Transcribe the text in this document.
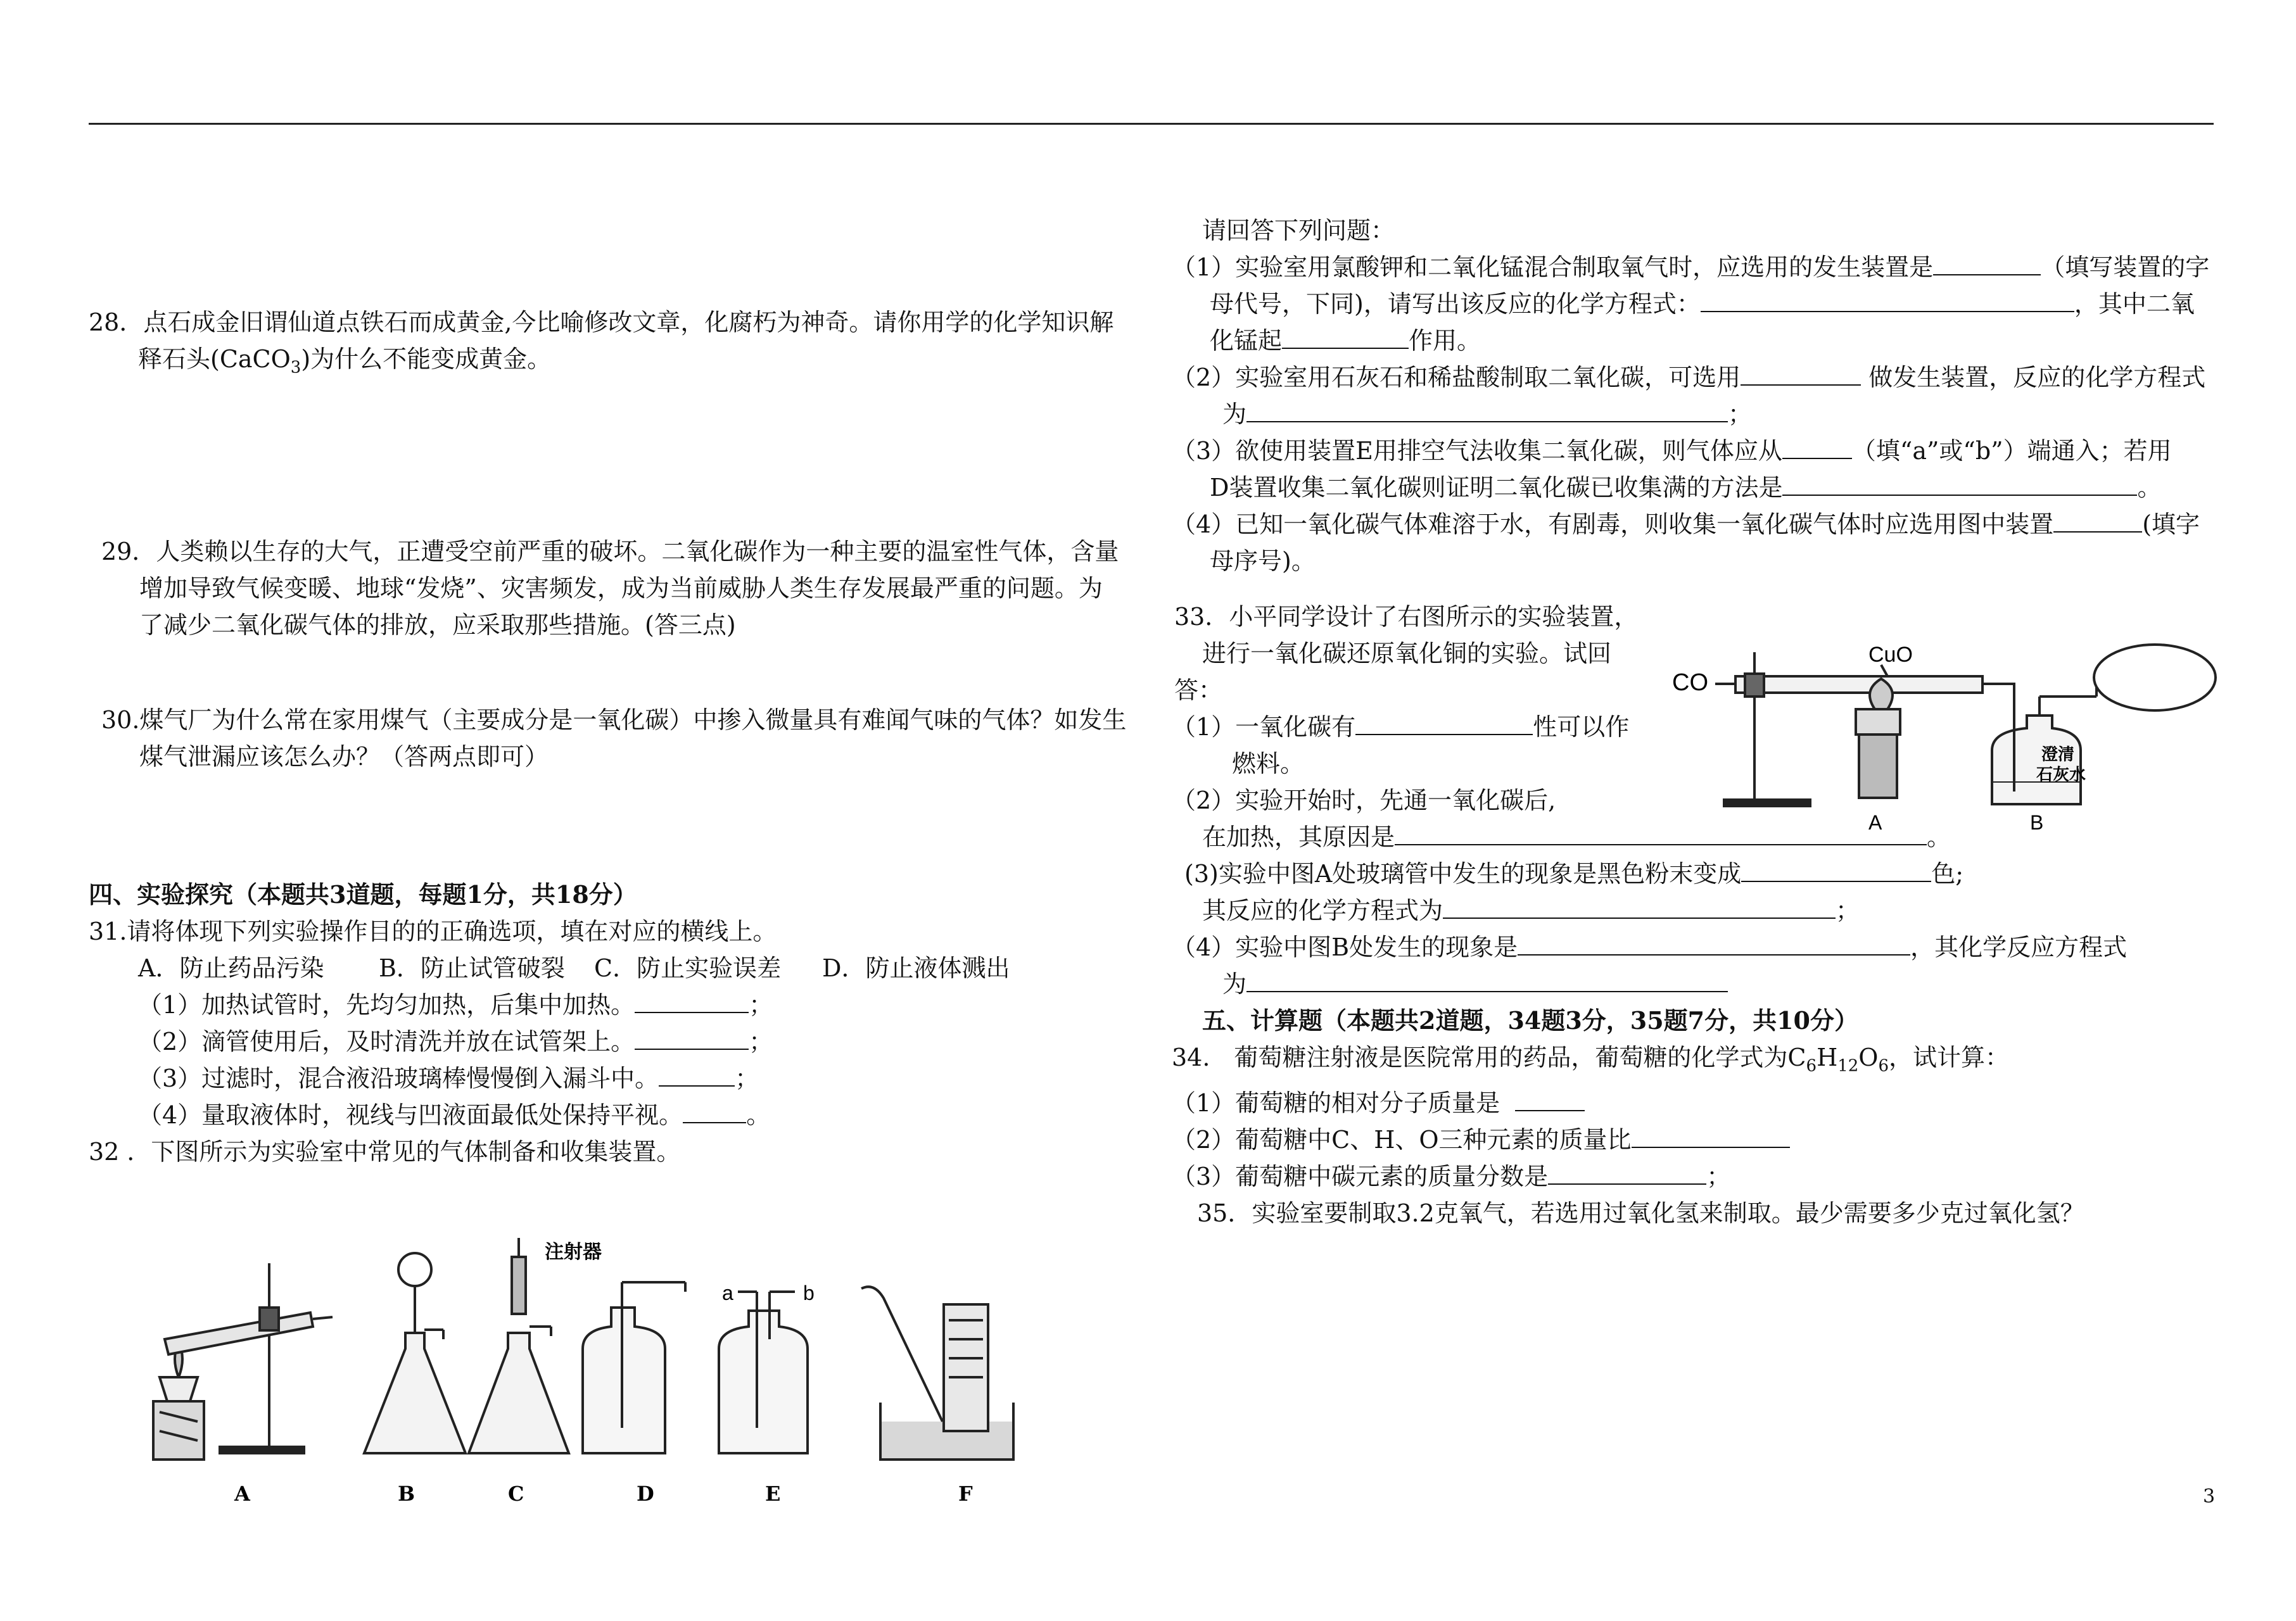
28．点石成金旧谓仙道点铁石而成黄金,今比喻修改文章，化腐朽为神奇。请你用学的化学知识解

释石头(CaCO$_3$)为什么不能变成黄金。

29．人类赖以生存的大气，正遭受空前严重的破坏。二氧化碳作为一种主要的温室性气体，含量

增加导致气候变暖、地球“发烧”、灾害频发，成为当前威胁人类生存发展最严重的问题。为

了减少二氧化碳气体的排放，应采取那些措施。(答三点)

30.煤气厂为什么常在家用煤气（主要成分是一氧化碳）中掺入微量具有难闻气味的气体？如发生

煤气泄漏应该怎么办？（答两点即可）

四、实验探究（本题共3道题，每题1分，共18分）

31.请将体现下列实验操作目的的正确选项，填在对应的横线上。

A．防止药品污染 B．防止试管破裂 C．防止实验误差 D．防止液体溅出

（1）加热试管时，先均匀加热，后集中加热。	；

（2）滴管使用后，及时清洗并放在试管架上。	；

（3）过滤时，混合液沿玻璃棒慢慢倒入漏斗中。	；

（4）量取液体时，视线与凹液面最低处保持平视。	。

32 ．下图所示为实验室中常见的气体制备和收集装置。

注射器
a	b
A	B	C	D	E	F

请回答下列问题：

（1）实验室用氯酸钾和二氧化锰混合制取氧气时，应选用的发生装置是	（填写装置的字

母代号，下同)，请写出该反应的化学方程式：	，其中二氧

化锰起	作用。

（2）实验室用石灰石和稀盐酸制取二氧化碳，可选用	做发生装置，反应的化学方程式

为	；

（3）欲使用装置E用排空气法收集二氧化碳，则气体应从	（填“a”或“b”）端通入；若用

D装置收集二氧化碳则证明二氧化碳已收集满的方法是	。

（4）已知一氧化碳气体难溶于水，有剧毒，则收集一氧化碳气体时应选用图中装置	(填字

母序号)。

33．小平同学设计了右图所示的实验装置，

进行一氧化碳还原氧化铜的实验。试回

答：

（1）一氧化碳有	性可以作

燃料。

（2）实验开始时，先通一氧化碳后,

在加热，其原因是	。

(3)实验中图A处玻璃管中发生的现象是黑色粉末变成	色;

其反应的化学方程式为	；

（4）实验中图B处发生的现象是	，其化学反应方程式

为

五、计算题（本题共2道题，34题3分，35题7分，共10分）

34.　葡萄糖注射液是医院常用的药品，葡萄糖的化学式为$C_6H_{12}O_6$，试计算：

（1）葡萄糖的相对分子质量是

（2）葡萄糖中C、H、O三种元素的质量比

（3）葡萄糖中碳元素的质量分数是	；

35．实验室要制取3.2克氧气，若选用过氧化氢来制取。最少需要多少克过氧化氢？

CO
CuO
澄清
石灰水
A	B
3
